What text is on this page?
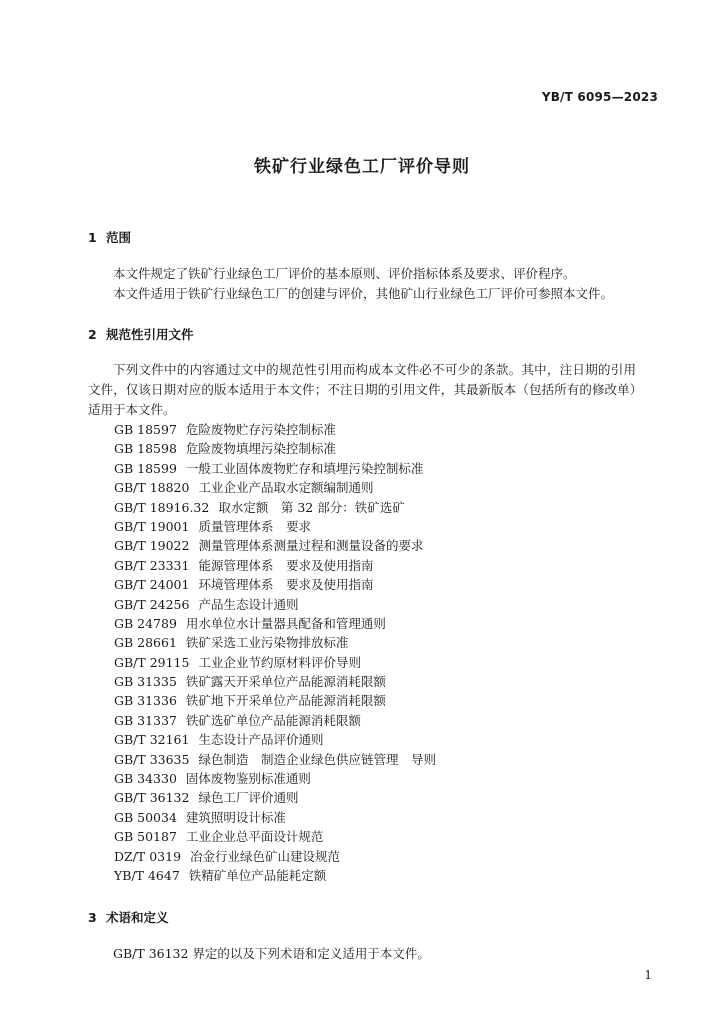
YB/T 6095—2023
铁矿行业绿色工厂评价导则
1 范围
本文件规定了铁矿行业绿色工厂评价的基本原则、评价指标体系及要求、评价程序。
本文件适用于铁矿行业绿色工厂的创建与评价，其他矿山行业绿色工厂评价可参照本文件。
2 规范性引用文件
下列文件中的内容通过文中的规范性引用而构成本文件必不可少的条款。其中，注日期的引用文件，仅该日期对应的版本适用于本文件；不注日期的引用文件，其最新版本（包括所有的修改单）适用于本文件。
GB 18597 危险废物贮存污染控制标准
GB 18598 危险废物填埋污染控制标准
GB 18599 一般工业固体废物贮存和填埋污染控制标准
GB/T 18820 工业企业产品取水定额编制通则
GB/T 18916.32 取水定额　第 32 部分：铁矿选矿
GB/T 19001 质量管理体系　要求
GB/T 19022 测量管理体系测量过程和测量设备的要求
GB/T 23331 能源管理体系　要求及使用指南
GB/T 24001 环境管理体系　要求及使用指南
GB/T 24256 产品生态设计通则
GB 24789 用水单位水计量器具配备和管理通则
GB 28661 铁矿采选工业污染物排放标准
GB/T 29115 工业企业节约原材料评价导则
GB 31335 铁矿露天开采单位产品能源消耗限额
GB 31336 铁矿地下开采单位产品能源消耗限额
GB 31337 铁矿选矿单位产品能源消耗限额
GB/T 32161 生态设计产品评价通则
GB/T 33635 绿色制造　制造企业绿色供应链管理　导则
GB 34330 固体废物鉴别标准通则
GB/T 36132 绿色工厂评价通则
GB 50034 建筑照明设计标准
GB 50187 工业企业总平面设计规范
DZ/T 0319 冶金行业绿色矿山建设规范
YB/T 4647 铁精矿单位产品能耗定额
3 术语和定义
GB/T 36132 界定的以及下列术语和定义适用于本文件。
1
